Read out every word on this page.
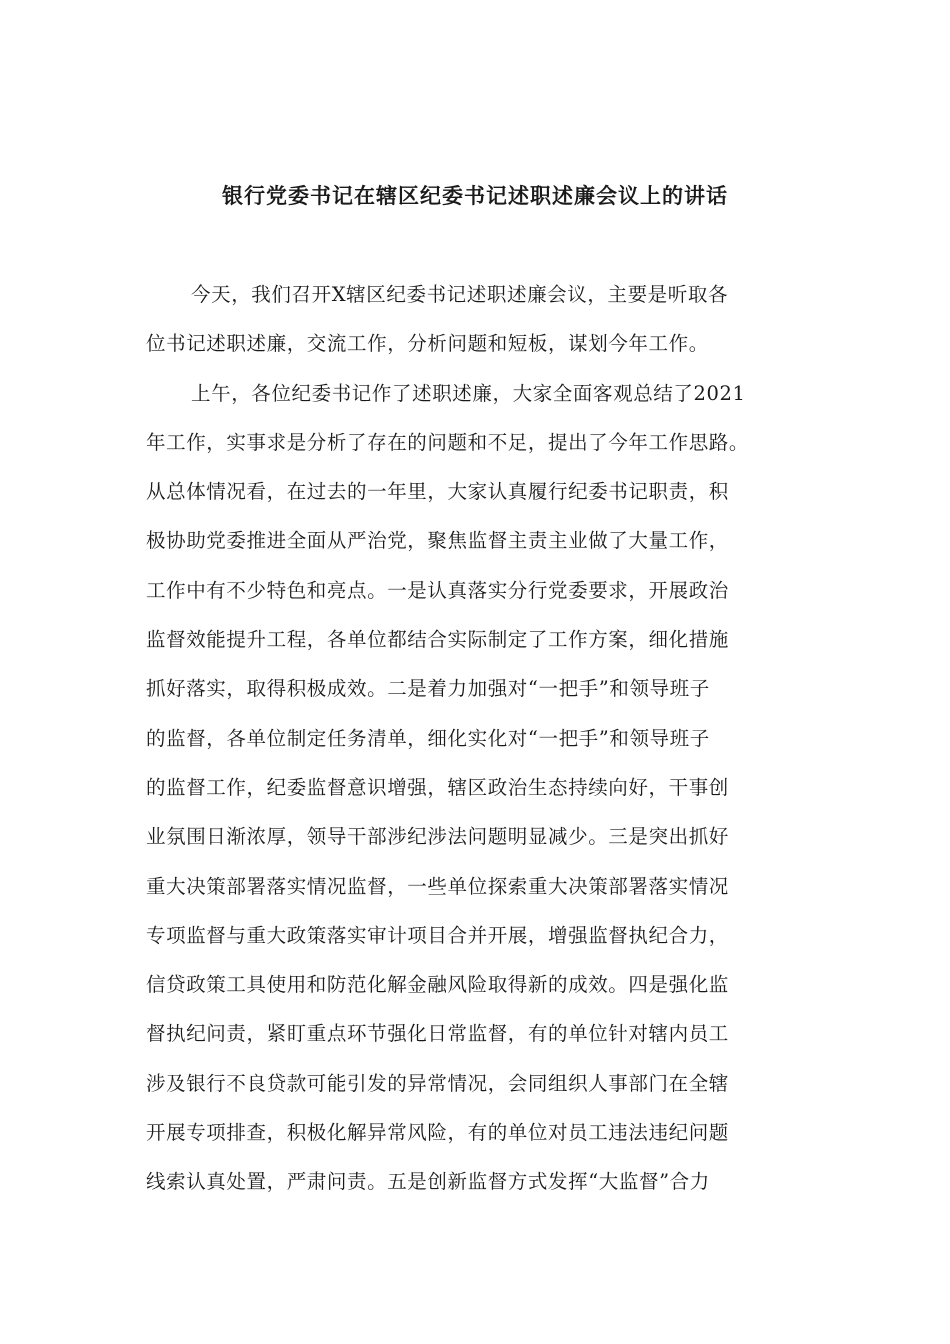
银行党委书记在辖区纪委书记述职述廉会议上的讲话
今天，我们召开X辖区纪委书记述职述廉会议，主要是听取各
位书记述职述廉，交流工作，分析问题和短板，谋划今年工作。
上午，各位纪委书记作了述职述廉，大家全面客观总结了2021
年工作，实事求是分析了存在的问题和不足，提出了今年工作思路。
从总体情况看，在过去的一年里，大家认真履行纪委书记职责，积
极协助党委推进全面从严治党，聚焦监督主责主业做了大量工作，
工作中有不少特色和亮点。一是认真落实分行党委要求，开展政治
监督效能提升工程，各单位都结合实际制定了工作方案，细化措施
抓好落实，取得积极成效。二是着力加强对“一把手”和领导班子
的监督，各单位制定任务清单，细化实化对“一把手”和领导班子
的监督工作，纪委监督意识增强，辖区政治生态持续向好，干事创
业氛围日渐浓厚，领导干部涉纪涉法问题明显减少。三是突出抓好
重大决策部署落实情况监督，一些单位探索重大决策部署落实情况
专项监督与重大政策落实审计项目合并开展，增强监督执纪合力，
信贷政策工具使用和防范化解金融风险取得新的成效。四是强化监
督执纪问责，紧盯重点环节强化日常监督，有的单位针对辖内员工
涉及银行不良贷款可能引发的异常情况，会同组织人事部门在全辖
开展专项排查，积极化解异常风险，有的单位对员工违法违纪问题
线索认真处置，严肃问责。五是创新监督方式发挥“大监督”合力
